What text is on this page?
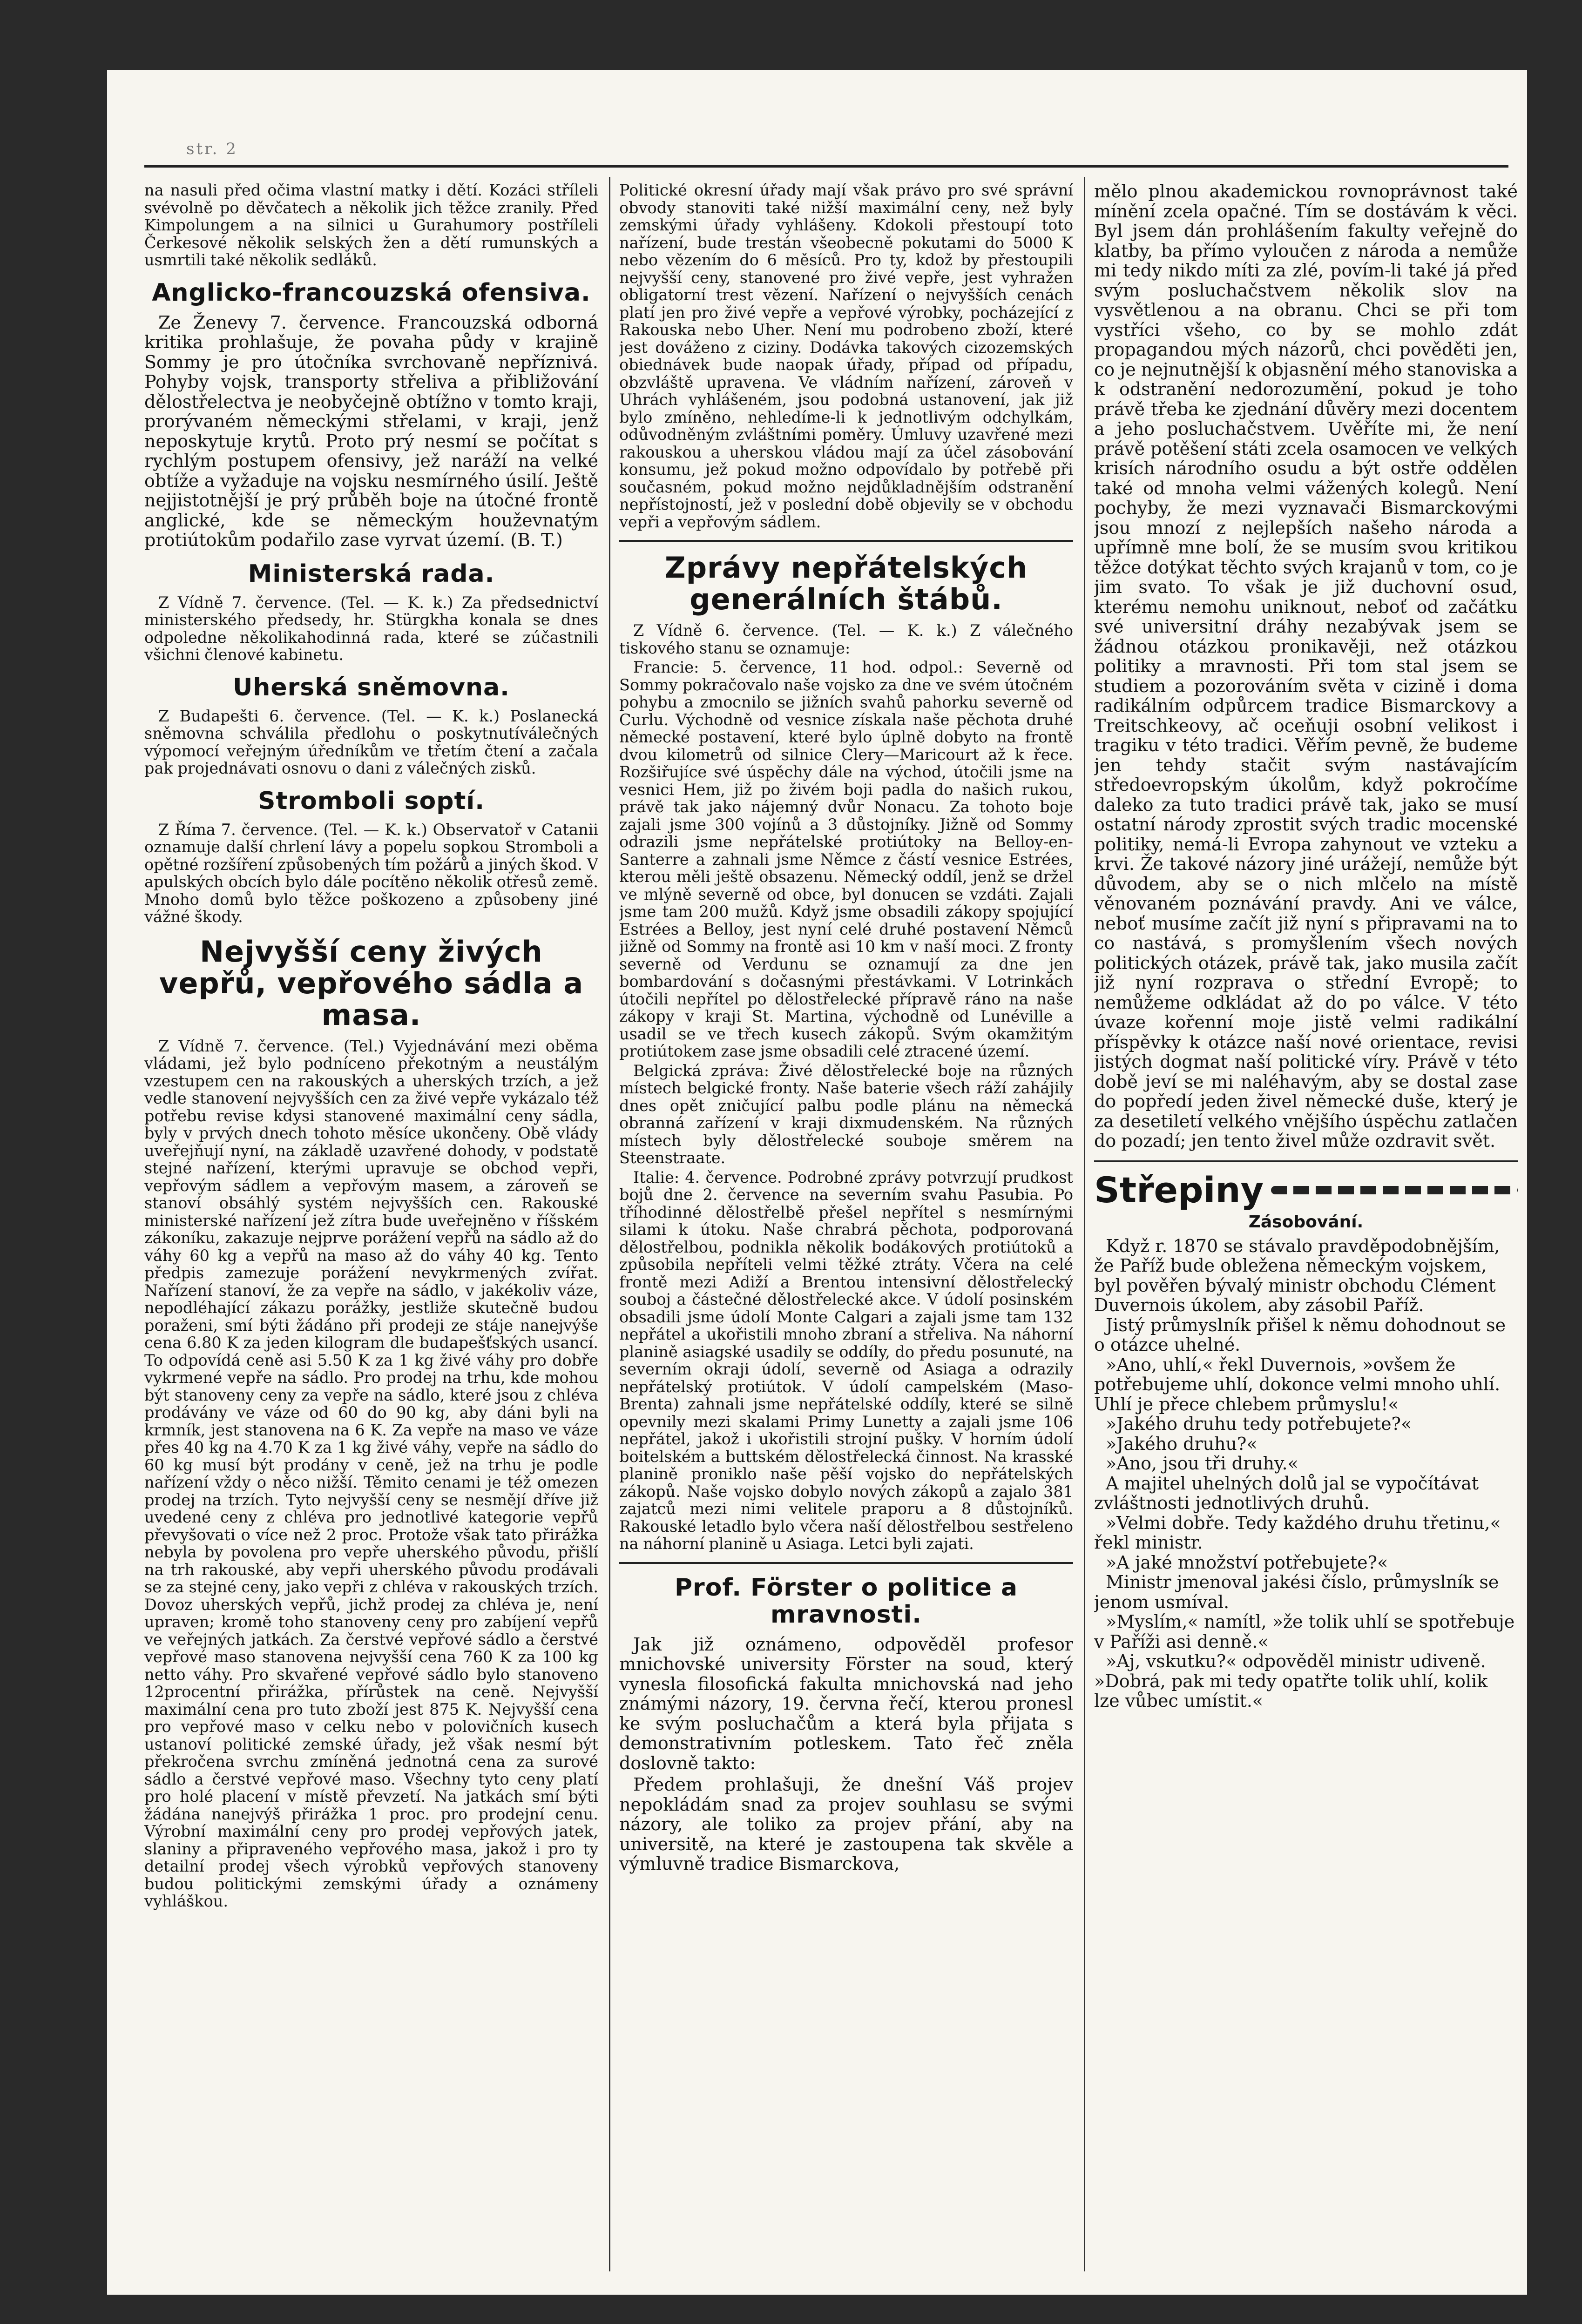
str. 2

na nasuli před očima vlastní matky i dětí. Kozáci stříleli svévolně po děvčatech a několik jich těžce zranily. Před Kimpolungem a na silnici u Gurahumory postříleli Čerkesové několik selských žen a dětí rumunských a usmrtili také několik sedláků.

Anglicko-francouzská ofensiva.

Ze Ženevy 7. července. Francouzská odborná kritika prohlašuje, že povaha půdy v krajině Sommy je pro útočníka svrchovaně nepříznivá. Pohyby vojsk, transporty střeliva a přibližování dělostřelectva je neobyčejně obtížno v tomto kraji, prorývaném německými střelami, v kraji, jenž neposkytuje krytů. Proto prý nesmí se počítat s rychlým postupem ofensivy, jež naráží na velké obtíže a vyžaduje na vojsku nesmírného úsilí. Ještě nejjistotnější je prý průběh boje na útočné frontě anglické, kde se německým houževnatým protiútokům podařilo zase vyrvat území. (B. T.)

Ministerská rada.

Z Vídně 7. července. (Tel. — K. k.) Za předsednictví ministerského předsedy, hr. Stürgkha konala se dnes odpoledne několikahodinná rada, které se zúčastnili všichni členové kabinetu.

Uherská sněmovna.

Z Budapešti 6. července. (Tel. — K. k.) Poslanecká sněmovna schválila předlohu o poskytnutíválečných výpomocí veřejným úředníkům ve třetím čtení a začala pak projednávati osnovu o dani z válečných zisků.

Stromboli soptí.

Z Říma 7. července. (Tel. — K. k.) Observatoř v Catanii oznamuje další chrlení lávy a popelu sopkou Stromboli a opětné rozšíření způsobených tím požárů a jiných škod. V apulských obcích bylo dále pocítěno několik otřesů země. Mnoho domů bylo těžce poškozeno a způsobeny jiné vážné škody.

Nejvyšší ceny živých vepřů, vepřového sádla a masa.

Z Vídně 7. července. (Tel.) Vyjednávání mezi oběma vládami, jež bylo podníceno překotným a neustálým vzestupem cen na rakouských a uherských trzích, a jež vedle stanovení nejvyšších cen za živé vepře vykázalo též potřebu revise kdysi stanovené maximální ceny sádla, byly v prvých dnech tohoto měsíce ukončeny. Obě vlády uveřejňují nyní, na základě uzavřené dohody, v podstatě stejné nařízení, kterými upravuje se obchod vepři, vepřovým sádlem a vepřovým masem, a zároveň se stanoví obsáhlý systém nejvyšších cen. Rakouské ministerské nařízení jež zítra bude uveřejněno v říšském zákoníku, zakazuje nejprve porážení vepřů na sádlo až do váhy 60 kg a vepřů na maso až do váhy 40 kg. Tento předpis zamezuje porážení nevykrmených zvířat. Nařízení stanoví, že za vepře na sádlo, v jakékoliv váze, nepodléhající zákazu porážky, jestliže skutečně budou poraženi, smí býti žádáno při prodeji ze stáje nanejvýše cena 6.80 K za jeden kilogram dle budapešťských usancí. To odpovídá ceně asi 5.50 K za 1 kg živé váhy pro dobře vykrmené vepře na sádlo. Pro prodej na trhu, kde mohou být stanoveny ceny za vepře na sádlo, které jsou z chléva prodávány ve váze od 60 do 90 kg, aby dáni byli na krmník, jest stanovena na 6 K. Za vepře na maso ve váze přes 40 kg na 4.70 K za 1 kg živé váhy, vepře na sádlo do 60 kg musí být prodány v ceně, jež na trhu je podle nařízení vždy o něco nižší. Těmito cenami je též omezen prodej na trzích. Tyto nejvyšší ceny se nesmějí dříve již uvedené ceny z chléva pro jednotlivé kategorie vepřů převyšovati o více než 2 proc. Protože však tato přirážka nebyla by povolena pro vepře uherského původu, přišlí na trh rakouské, aby vepři uherského původu prodávali se za stejné ceny, jako vepři z chléva v rakouských trzích. Dovoz uherských vepřů, jichž prodej za chléva je, není upraven; kromě toho stanoveny ceny pro zabíjení vepřů ve veřejných jatkách. Za čerstvé vepřové sádlo a čerstvé vepřové maso stanovena nejvyšší cena 760 K za 100 kg netto váhy. Pro skvařené vepřové sádlo bylo stanoveno 12procentní přirážka, přírůstek na ceně. Nejvyšší maximální cena pro tuto zboží jest 875 K. Nejvyšší cena pro vepřové maso v celku nebo v polovičních kusech ustanoví politické zemské úřady, jež však nesmí být překročena svrchu zmíněná jednotná cena za surové sádlo a čerstvé vepřové maso. Všechny tyto ceny platí pro holé placení v místě převzetí. Na jatkách smí býti žádána nanejvýš přirážka 1 proc. pro prodejní cenu. Výrobní maximální ceny pro prodej vepřových jatek, slaniny a připraveného vepřového masa, jakož i pro ty detailní prodej všech výrobků vepřových stanoveny budou politickými zemskými úřady a oznámeny vyhláškou.

Politické okresní úřady mají však právo pro své správní obvody stanoviti také nižší maximální ceny, než byly zemskými úřady vyhlášeny. Kdokoli přestoupí toto nařízení, bude trestán všeobecně pokutami do 5000 K nebo vězením do 6 měsíců. Pro ty, kdož by přestoupili nejvyšší ceny, stanovené pro živé vepře, jest vyhražen obligatorní trest vězení. Nařízení o nejvyšších cenách platí jen pro živé vepře a vepřové výrobky, pocházející z Rakouska nebo Uher. Není mu podrobeno zboží, které jest dováženo z ciziny. Dodávka takových cizozemských obiednávek bude naopak úřady, případ od případu, obzvláště upravena. Ve vládním nařízení, zároveň v Uhrách vyhlášeném, jsou podobná ustanovení, jak již bylo zmíněno, nehledíme-li k jednotlivým odchylkám, odůvodněným zvláštními poměry. Úmluvy uzavřené mezi rakouskou a uherskou vládou mají za účel zásobování konsumu, jež pokud možno odpovídalo by potřebě při současném, pokud možno nejdůkladnějším odstranění nepřístojností, jež v poslední době objevily se v obchodu vepři a vepřovým sádlem.

Zprávy nepřátelských generálních štábů.

Z Vídně 6. července. (Tel. — K. k.) Z válečného tiskového stanu se oznamuje:

Francie: 5. července, 11 hod. odpol.: Severně od Sommy pokračovalo naše vojsko za dne ve svém útočném pohybu a zmocnilo se jižních svahů pahorku severně od Curlu. Východně od vesnice získala naše pěchota druhé německé postavení, které bylo úplně dobyto na frontě dvou kilometrů od silnice Clery—Maricourt až k řece. Rozšiřujíce své úspěchy dále na východ, útočili jsme na vesnici Hem, již po živém boji padla do našich rukou, právě tak jako nájemný dvůr Nonacu. Za tohoto boje zajali jsme 300 vojínů a 3 důstojníky. Jižně od Sommy odrazili jsme nepřátelské protiútoky na Belloy-en-Santerre a zahnali jsme Němce z částí vesnice Estrées, kterou měli ještě obsazenu. Německý oddíl, jenž se držel ve mlýně severně od obce, byl donucen se vzdáti. Zajali jsme tam 200 mužů. Když jsme obsadili zákopy spojující Estrées a Belloy, jest nyní celé druhé postavení Němců jižně od Sommy na frontě asi 10 km v naší moci. Z fronty severně od Verdunu se oznamují za dne jen bombardování s dočasnými přestávkami. V Lotrinkách útočili nepřítel po dělostřelecké přípravě ráno na naše zákopy v kraji St. Martina, východně od Lunéville a usadil se ve třech kusech zákopů. Svým okamžitým protiútokem zase jsme obsadili celé ztracené území.

Belgická zpráva: Živé dělostřelecké boje na různých místech belgické fronty. Naše baterie všech ráží zahájily dnes opět zničující palbu podle plánu na německá obranná zařízení v kraji dixmudenském. Na různých místech byly dělostřelecké souboje směrem na Steenstraate.

Italie: 4. července. Podrobné zprávy potvrzují prudkost bojů dne 2. července na severním svahu Pasubia. Po tříhodinné dělostřelbě přešel nepřítel s nesmírnými silami k útoku. Naše chrabrá pěchota, podporovaná dělostřelbou, podnikla několik bodákových protiútoků a způsobila nepříteli velmi těžké ztráty. Včera na celé frontě mezi Adiží a Brentou intensivní dělostřelecký souboj a částečné dělostřelecké akce. V údolí posinském obsadili jsme údolí Monte Calgari a zajali jsme tam 132 nepřátel a ukořistili mnoho zbraní a střeliva. Na náhorní planině asiagské usadily se oddíly, do předu posunuté, na severním okraji údolí, severně od Asiaga a odrazily nepřátelský protiútok. V údolí campelském (Maso-Brenta) zahnali jsme nepřátelské oddíly, které se silně opevnily mezi skalami Primy Lunetty a zajali jsme 106 nepřátel, jakož i ukořistili strojní pušky. V horním údolí boitelském a buttském dělostřelecká činnost. Na krasské planině proniklo naše pěší vojsko do nepřátelských zákopů. Naše vojsko dobylo nových zákopů a zajalo 381 zajatců mezi nimi velitele praporu a 8 důstojníků. Rakouské letadlo bylo včera naší dělostřelbou sestřeleno na náhorní planině u Asiaga. Letci byli zajati.

Prof. Förster o politice a mravnosti.

Jak již oznámeno, odpověděl profesor mnichovské university Förster na soud, který vynesla filosofická fakulta mnichovská nad jeho známými názory, 19. června řečí, kterou pronesl ke svým posluchačům a která byla přijata s demonstrativním potleskem. Tato řeč zněla doslovně takto:

Předem prohlašuji, že dnešní Váš projev nepokládám snad za projev souhlasu se svými názory, ale toliko za projev přání, aby na universitě, na které je zastoupena tak skvěle a výmluvně tradice Bismarckova,

mělo plnou akademickou rovnoprávnost také mínění zcela opačné. Tím se dostávám k věci. Byl jsem dán prohlášením fakulty veřejně do klatby, ba přímo vyloučen z národa a nemůže mi tedy nikdo míti za zlé, povím-li také já před svým posluchačstvem několik slov na vysvětlenou a na obranu. Chci se při tom vystříci všeho, co by se mohlo zdát propagandou mých názorů, chci pověděti jen, co je nejnutnější k objasnění mého stanoviska a k odstranění nedorozumění, pokud je toho právě třeba ke zjednání důvěry mezi docentem a jeho posluchačstvem. Uvěříte mi, že není právě potěšení státi zcela osamocen ve velkých krisích národního osudu a být ostře oddělen také od mnoha velmi vážených kolegů. Není pochyby, že mezi vyznavači Bismarckovými jsou mnozí z nejlepších našeho národa a upřímně mne bolí, že se musím svou kritikou těžce dotýkat těchto svých krajanů v tom, co je jim svato. To však je již duchovní osud, kterému nemohu uniknout, neboť od začátku své universitní dráhy nezabývak jsem se žádnou otázkou pronikavěji, než otázkou politiky a mravnosti. Při tom stal jsem se studiem a pozorováním světa v cizině i doma radikálním odpůrcem tradice Bismarckovy a Treitschkeovy, ač oceňuji osobní velikost i tragiku v této tradici. Věřím pevně, že budeme jen tehdy stačit svým nastávajícím středoevropským úkolům, když pokročíme daleko za tuto tradici právě tak, jako se musí ostatní národy zprostit svých tradic mocenské politiky, nemá-li Evropa zahynout ve vzteku a krvi. Že takové názory jiné urážejí, nemůže být důvodem, aby se o nich mlčelo na místě věnovaném poznávání pravdy. Ani ve válce, neboť musíme začít již nyní s připravami na to co nastává, s promyšlením všech nových politických otázek, právě tak, jako musila začít již nyní rozprava o střední Evropě; to nemůžeme odkládat až do po válce. V této úvaze kořenní moje jistě velmi radikální příspěvky k otázce naší nové orientace, revisi jistých dogmat naší politické víry. Právě v této době jeví se mi naléhavým, aby se dostal zase do popředí jeden živel německé duše, který je za desetiletí velkého vnějšího úspěchu zatlačen do pozadí; jen tento živel může ozdravit svět.

Střepiny
Zásobování.

Když r. 1870 se stávalo pravděpodobnějším, že Paříž bude obležena německým vojskem, byl pověřen bývalý ministr obchodu Clément Duvernois úkolem, aby zásobil Paříž.

Jistý průmyslník přišel k němu dohodnout se o otázce uhelné.

»Ano, uhlí,« řekl Duvernois, »ovšem že potřebujeme uhlí, dokonce velmi mnoho uhlí. Uhlí je přece chlebem průmyslu!«

»Jakého druhu tedy potřebujete?«

»Jakého druhu?«

»Ano, jsou tři druhy.«

A majitel uhelných dolů jal se vypočítávat zvláštnosti jednotlivých druhů.

»Velmi dobře. Tedy každého druhu třetinu,« řekl ministr.

»A jaké množství potřebujete?«

Ministr jmenoval jakési číslo, průmyslník se jenom usmíval.

»Myslím,« namítl, »že tolik uhlí se spotřebuje v Paříži asi denně.«

»Aj, vskutku?« odpověděl ministr udiveně. »Dobrá, pak mi tedy opatřte tolik uhlí, kolik lze vůbec umístit.«
